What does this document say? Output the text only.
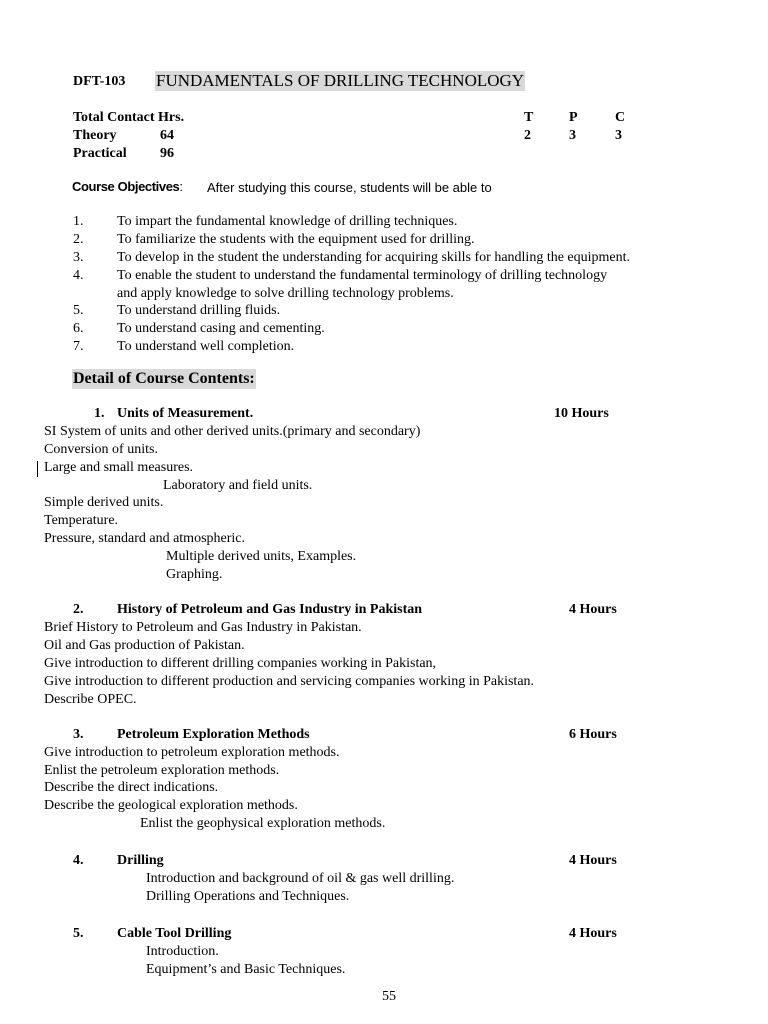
DFT-103 FUNDAMENTALS OF DRILLING TECHNOLOGY
Total Contact Hrs.
Theory	64
Practical 96
T	P	C
2	3	3
Course Objectives: After studying this course, students will be able to
1. To impart the fundamental knowledge of drilling techniques.
2. To familiarize the students with the equipment used for drilling.
3. To develop in the student the understanding for acquiring skills for handling the equipment.
4. To enable the student to understand the fundamental terminology of drilling technology
and apply knowledge to solve drilling technology problems.
5. To understand drilling fluids.
6. To understand casing and cementing.
7. To understand well completion.
Detail of Course Contents:
1. Units of Measurement.	10 Hours
SI System of units and other derived units.(primary and secondary)
Conversion of units.
Large and small measures.
Laboratory and field units.
Simple derived units.
Temperature.
Pressure, standard and atmospheric.
Multiple derived units, Examples.
Graphing.
2. History of Petroleum and Gas Industry in Pakistan	4 Hours
Brief History to Petroleum and Gas Industry in Pakistan.
Oil and Gas production of Pakistan.
Give introduction to different drilling companies working in Pakistan,
Give introduction to different production and servicing companies working in Pakistan.
Describe OPEC.
3. Petroleum Exploration Methods	6 Hours
Give introduction to petroleum exploration methods.
Enlist the petroleum exploration methods.
Describe the direct indications.
Describe the geological exploration methods.
Enlist the geophysical exploration methods.
4. Drilling	4 Hours
Introduction and background of oil & gas well drilling.
Drilling Operations and Techniques.
5. Cable Tool Drilling	4 Hours
Introduction.
Equipment’s and Basic Techniques.
55
